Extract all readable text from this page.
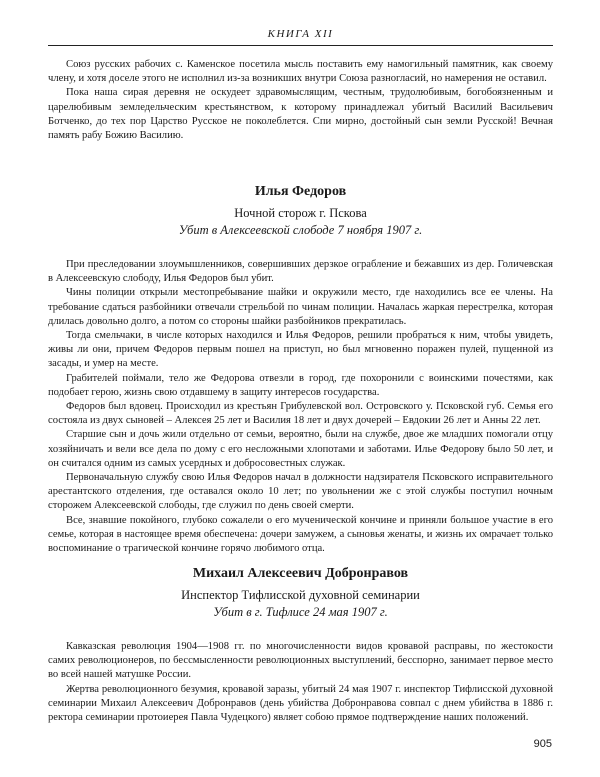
КНИГА XII

Союз русских рабочих с. Каменское посетила мысль поставить ему намогильный памятник, как своему члену, и хотя доселе этого не исполнил из-за возникших внутри Союза разногласий, но намерения не оставил.

Пока наша сирая деревня не оскудеет здравомыслящим, честным, трудолюбивым, богобоязненным и царелюбивым земледельческим крестьянством, к которому принадлежал убитый Василий Васильевич Ботченко, до тех пор Царство Русское не поколеблется. Спи мирно, достойный сын земли Русской! Вечная память рабу Божию Василию.

Илья Федоров
Ночной сторож г. Пскова
Убит в Алексеевской слободе 7 ноября 1907 г.

При преследовании злоумышленников, совершивших дерзкое ограбление и бежавших из дер. Голичевская в Алексеевскую слободу, Илья Федоров был убит.

Чины полиции открыли местопребывание шайки и окружили место, где находились все ее члены. На требование сдаться разбойники отвечали стрельбой по чинам полиции. Началась жаркая перестрелка, которая длилась довольно долго, а потом со стороны шайки разбойников прекратилась.

Тогда смельчаки, в числе которых находился и Илья Федоров, решили пробраться к ним, чтобы увидеть, живы ли они, причем Федоров первым пошел на приступ, но был мгновенно поражен пулей, пущенной из засады, и умер на месте.

Грабителей поймали, тело же Федорова отвезли в город, где похоронили с воинскими почестями, как подобает герою, жизнь свою отдавшему в защиту интересов государства.

Федоров был вдовец. Происходил из крестьян Грибулевской вол. Островского у. Псковской губ. Семья его состояла из двух сыновей – Алексея 25 лет и Василия 18 лет и двух дочерей – Евдокии 26 лет и Анны 22 лет.

Старшие сын и дочь жили отдельно от семьи, вероятно, были на службе, двое же младших помогали отцу хозяйничать и вели все дела по дому с его несложными хлопотами и заботами. Илье Федорову было 50 лет, и он считался одним из самых усердных и добросовестных служак.

Первоначальную службу свою Илья Федоров начал в должности надзирателя Псковского исправительного арестантского отделения, где оставался около 10 лет; по увольнении же с этой службы поступил ночным сторожем Алексеевской слободы, где служил по день своей смерти.

Все, знавшие покойного, глубоко сожалели о его мученической кончине и приняли большое участие в его семье, которая в настоящее время обеспечена: дочери замужем, а сыновья женаты, и жизнь их омрачает только воспоминание о трагической кончине горячо любимого отца.

Михаил Алексеевич Добронравов
Инспектор Тифлисской духовной семинарии
Убит в г. Тифлисе 24 мая 1907 г.

Кавказская революция 1904—1908 гг. по многочисленности видов кровавой расправы, по жестокости самих революционеров, по бессмысленности революционных выступлений, бесспорно, занимает первое место во всей нашей матушке России.

Жертва революционного безумия, кровавой заразы, убитый 24 мая 1907 г. инспектор Тифлисской духовной семинарии Михаил Алексеевич Добронравов (день убийства Добронравова совпал с днем убийства в 1886 г. ректора семинарии протоиерея Павла Чудецкого) являет собою прямое подтверждение наших положений.

905
